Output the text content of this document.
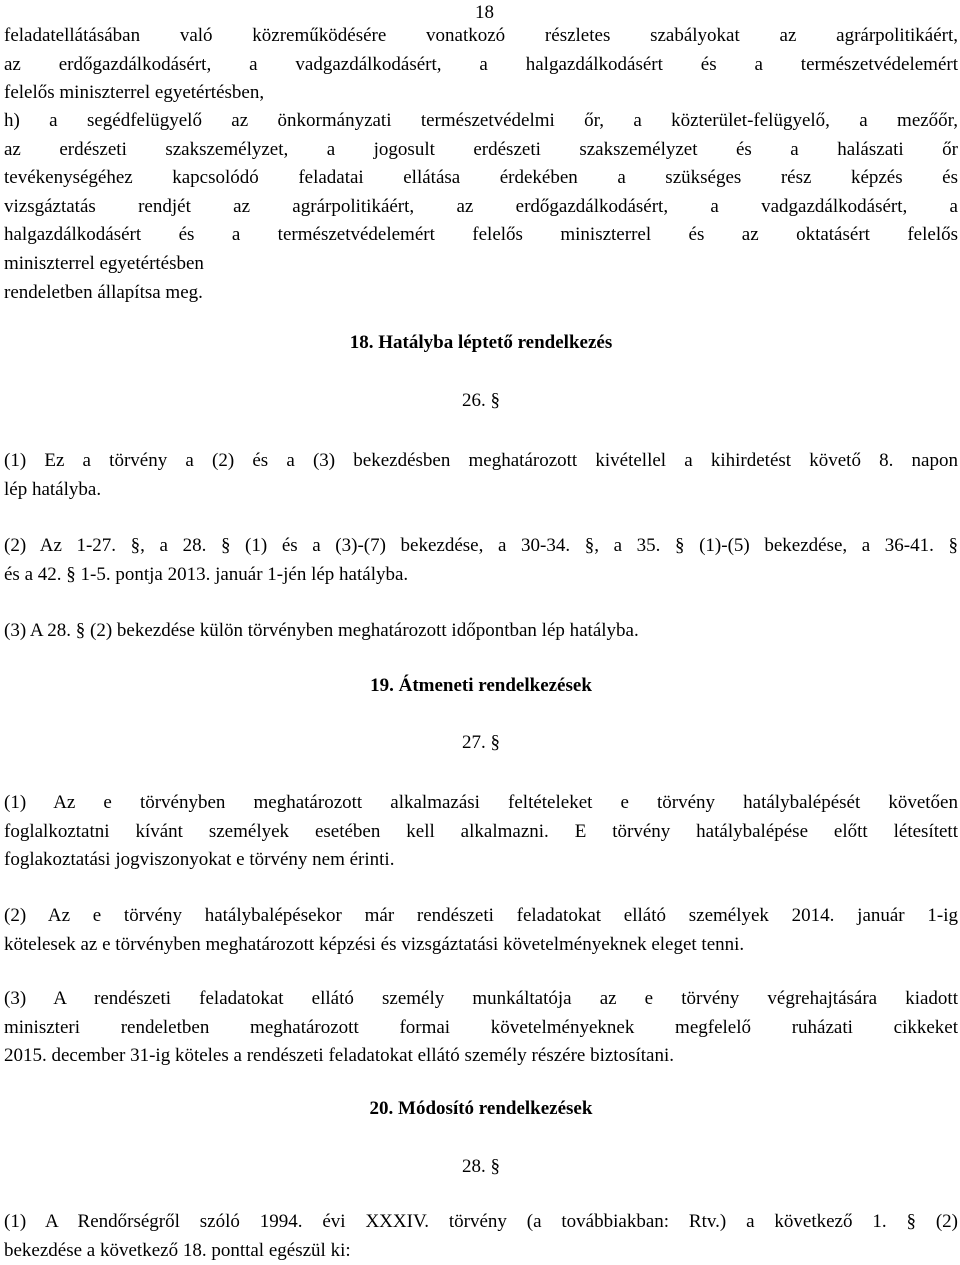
18

feladatellátásában való közreműködésére vonatkozó részletes szabályokat az agrárpolitikáért,
az erdőgazdálkodásért, a vadgazdálkodásért, a halgazdálkodásért és a természetvédelemért
felelős miniszterrel egyetértésben,

h) a segédfelügyelő az önkormányzati természetvédelmi őr, a közterület-felügyelő, a mezőőr,
az erdészeti szakszemélyzet, a jogosult erdészeti szakszemélyzet és a halászati őr
tevékenységéhez kapcsolódó feladatai ellátása érdekében a szükséges rész képzés és
vizsgáztatás rendjét az agrárpolitikáért, az erdőgazdálkodásért, a vadgazdálkodásért, a
halgazdálkodásért és a természetvédelemért felelős miniszterrel és az oktatásért felelős
miniszterrel egyetértésben

rendeletben állapítsa meg.

18. Hatályba léptető rendelkezés

26. §

(1) Ez a törvény a (2) és a (3) bekezdésben meghatározott kivétellel a kihirdetést követő 8. napon
lép hatályba.

(2) Az 1-27. §, a 28. § (1) és a (3)-(7) bekezdése, a 30-34. §, a 35. § (1)-(5) bekezdése, a 36-41. §
és a 42. § 1-5. pontja 2013. január 1-jén lép hatályba.

(3) A 28. § (2) bekezdése külön törvényben meghatározott időpontban lép hatályba.

19. Átmeneti rendelkezések

27. §

(1) Az e törvényben meghatározott alkalmazási feltételeket e törvény hatálybalépését követően
foglalkoztatni kívánt személyek esetében kell alkalmazni. E törvény hatálybalépése előtt létesített
foglakoztatási jogviszonyokat e törvény nem érinti.

(2) Az e törvény hatálybalépésekor már rendészeti feladatokat ellátó személyek 2014. január 1-ig
kötelesek az e törvényben meghatározott képzési és vizsgáztatási követelményeknek eleget tenni.

(3) A rendészeti feladatokat ellátó személy munkáltatója az e törvény végrehajtására kiadott
miniszteri rendeletben meghatározott formai követelményeknek megfelelő ruházati cikkeket
2015. december 31-ig köteles a rendészeti feladatokat ellátó személy részére biztosítani.

20. Módosító rendelkezések

28. §

(1) A Rendőrségről szóló 1994. évi XXXIV. törvény (a továbbiakban: Rtv.) a következő 1. § (2)
bekezdése a következő 18. ponttal egészül ki:
